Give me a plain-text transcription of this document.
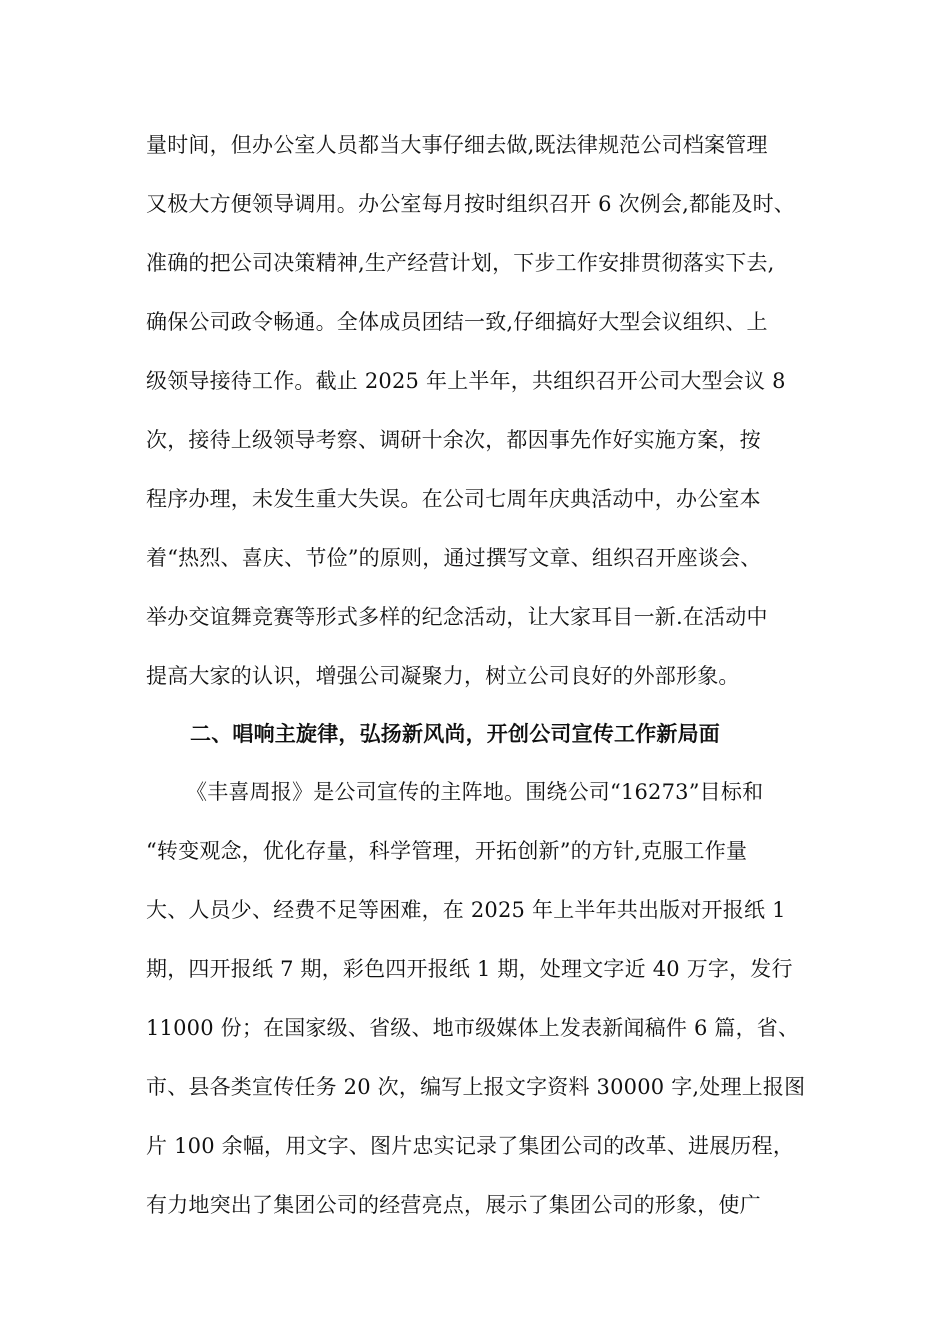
量时间，但办公室人员都当大事仔细去做,既法律规范公司档案管理
又极大方便领导调用。办公室每月按时组织召开 6 次例会,都能及时、
准确的把公司决策精神,生产经营计划，下步工作安排贯彻落实下去,
确保公司政令畅通。全体成员团结一致,仔细搞好大型会议组织、上
级领导接待工作。截止 2025 年上半年，共组织召开公司大型会议 8
次，接待上级领导考察、调研十余次，都因事先作好实施方案，按
程序办理，未发生重大失误。在公司七周年庆典活动中，办公室本
着“热烈、喜庆、节俭”的原则，通过撰写文章、组织召开座谈会、
举办交谊舞竞赛等形式多样的纪念活动，让大家耳目一新.在活动中
提高大家的认识，增强公司凝聚力，树立公司良好的外部形象。
二、唱响主旋律，弘扬新风尚，开创公司宣传工作新局面
《丰喜周报》是公司宣传的主阵地。围绕公司“16273”目标和
“转变观念，优化存量，科学管理，开拓创新”的方针,克服工作量
大、人员少、经费不足等困难，在 2025 年上半年共出版对开报纸 1
期，四开报纸 7 期，彩色四开报纸 1 期，处理文字近 40 万字，发行
11000 份；在国家级、省级、地市级媒体上发表新闻稿件 6 篇，省、
市、县各类宣传任务 20 次，编写上报文字资料 30000 字,处理上报图
片 100 余幅，用文字、图片忠实记录了集团公司的改革、进展历程，
有力地突出了集团公司的经营亮点，展示了集团公司的形象，使广
